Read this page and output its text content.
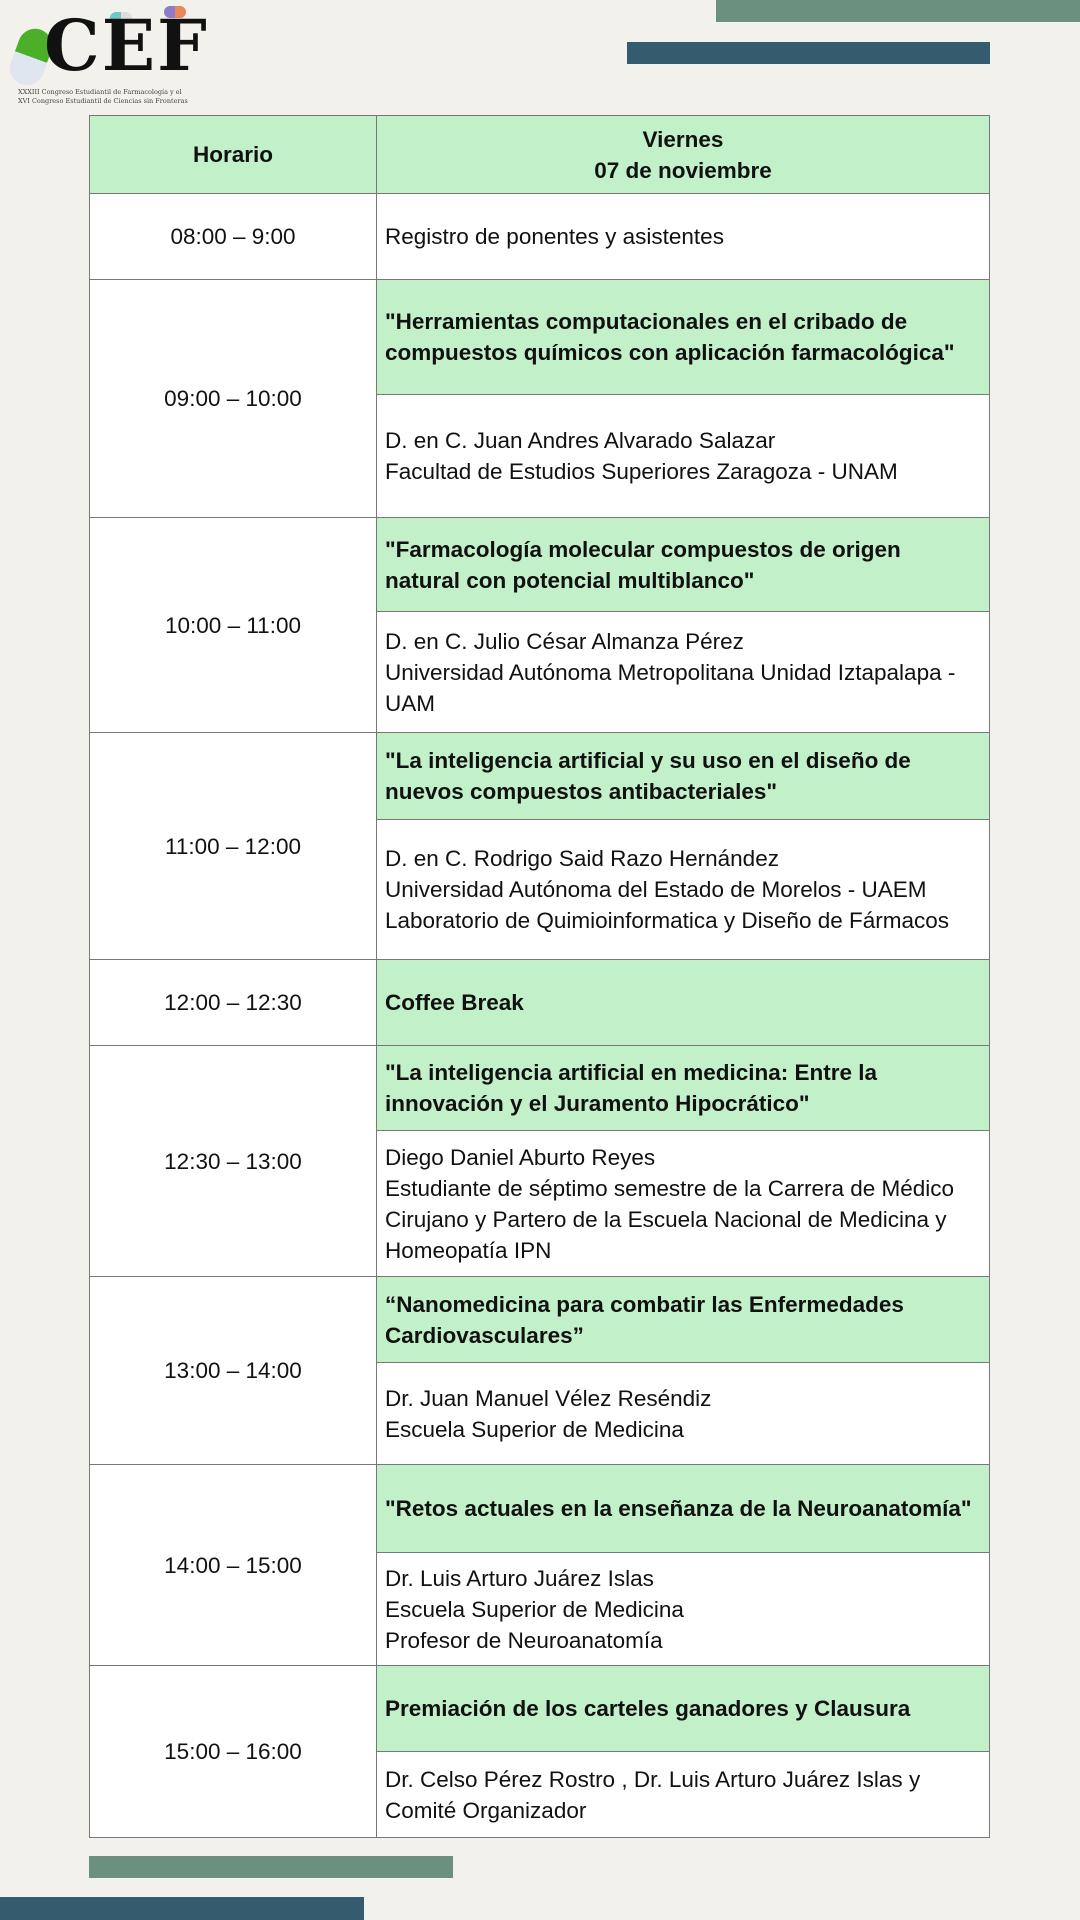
CEF
XXXIII Congreso Estudiantil de Farmacología y el
XVI Congreso Estudiantil de Ciencias sin Fronteras
Horario	Viernes
07 de noviembre

08:00 – 9:00	Registro de ponentes y asistentes
09:00 – 10:00	"Herramientas computacionales en el cribado de compuestos químicos con aplicación farmacológica"

	D. en C. Juan Andres Alvarado Salazar
Facultad de Estudios Superiores Zaragoza - UNAM

10:00 – 11:00	"Farmacología molecular compuestos de origen natural con potencial multiblanco"

	D. en C. Julio César Almanza Pérez
Universidad Autónoma Metropolitana Unidad Iztapalapa - UAM

11:00 – 12:00	"La inteligencia artificial y su uso en el diseño de nuevos compuestos antibacteriales"

	D. en C. Rodrigo Said Razo Hernández
Universidad Autónoma del Estado de Morelos - UAEM
Laboratorio de Quimioinformatica y Diseño de Fármacos

12:00 – 12:30	Coffee Break
12:30 – 13:00	"La inteligencia artificial en medicina: Entre la innovación y el Juramento Hipocrático"

	Diego Daniel Aburto Reyes
Estudiante de séptimo semestre de la Carrera de Médico Cirujano y Partero de la Escuela Nacional de Medicina y Homeopatía IPN

13:00 – 14:00	“Nanomedicina para combatir las Enfermedades Cardiovasculares”

	Dr. Juan Manuel Vélez Reséndiz
Escuela Superior de Medicina

14:00 – 15:00	"Retos actuales en la enseñanza de la Neuroanatomía"

	Dr. Luis Arturo Juárez Islas
Escuela Superior de Medicina
Profesor de Neuroanatomía

15:00 – 16:00	Premiación de los carteles ganadores y Clausura

	Dr. Celso Pérez Rostro , Dr. Luis Arturo Juárez Islas y Comité Organizador
